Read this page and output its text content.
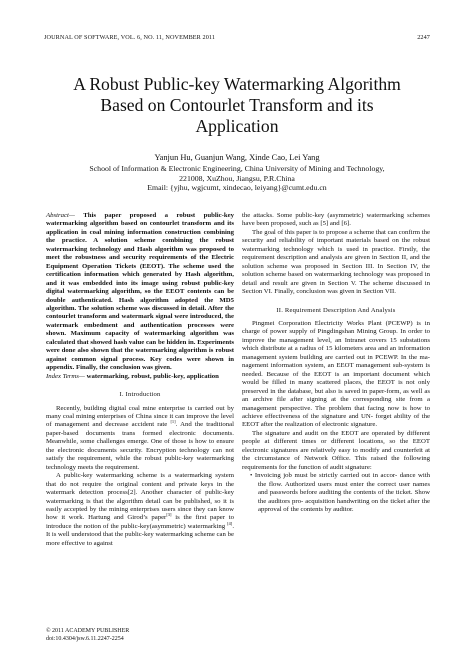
JOURNAL OF SOFTWARE, VOL. 6, NO. 11, NOVEMBER 2011	2247
A Robust Public-key Watermarking Algorithm
Based on Contourlet Transform and its
Application
Yanjun Hu, Guanjun Wang, Xinde Cao, Lei Yang
School of Information & Electronic Engineering, China University of Mining and Technology,
221008, XuZhou, Jiangsu, P.R.China
Email: {yjhu, wgjcumt, xindecao, leiyang}@cumt.edu.cn

Abstract— This paper proposed a robust public-key watermarking algorithm based on contourlet transform and its application in coal mining information construction combining the practice. A solution scheme combining the robust watermarking technology and Hash algorithm was proposed to meet the robustness and security requirements of the Electric Equipment Operation Tickets (EEOT). The scheme used the certification information which generated by Hash algorithm, and it was embedded into its image using robust public-key digital watermarking algorithm, so the EEOT contents can be double authenticated. Hash algorithm adopted the MD5 algorithm. The solution scheme was discussed in detail. After the contourlet transform and watermark signal were introduced, the watermark embedment and authentication processes were shown. Maximum capacity of watermarking algorithm was calculated that showed hash value can be hidden in. Experiments were done also shown that the watermarking algorithm is robust against common signal process. Key codes were shown in appendix. Finally, the conclusion was given.

Index Terms— watermarking, robust, public-key, application

I. Introduction

Recently, building digital coal mine enterprise is carried out by many coal mining enterprises of China since it can improve the level of management and decrease accident rate [1]. And the traditional paper-based documents trans formed electronic documents. Meanwhile, some challenges emerge. One of those is how to ensure the electronic documents security. Encryption technology can not satisfy the requirement, while the robust public-key watermarking technology meets the requirement.

A public-key watermarking scheme is a watermarking system that do not require the original content and private keys in the watermark detection process[2]. Another character of public-key watermarking is that the algorithm detail can be published, so it is easily accepted by the mining enterprises users since they can know how it work. Hartung and Girod’s paper[3] is the first paper to introduce the notion of the public-key(asymmetric) watermarking [4]. It is well understood that the public-key watermarking scheme can be more effective to against

the attacks. Some public-key (asymmetric) watermarking schemes have been proposed, such as [5] and [6].

The goal of this paper is to propose a scheme that can confirm the security and reliability of important materials based on the robust watermarking technology which is used in practice. Firstly, the requirement description and analysis are given in Section II, and the solution scheme was proposed in Section III. In Section IV, the solution scheme based on watermarking technology was proposed in detail and result are given in Section V. The scheme discussed in Section VI. Finally, conclusion was given in Section VII.

II. Requirement Description And Analysis

Pingmei Corporation Electricity Works Plant (PCEWP) is in charge of power supply of Pingdingshan Mining Group. In order to improve the management level, an Intranet covers 15 substations which distribute at a radius of 15 kilometers area and an information management system building are carried out in PCEWP. In the ma- nagement information system, an EEOT management sub-system is needed. Because of the EEOT is an important document which would be filled in many scattered places, the EEOT is not only preserved in the database, but also is saved in paper-form, as well as an archive file after signing at the corresponding site from a management perspective. The problem that facing now is how to achieve effectiveness of the signature and UN- forget ability of the EEOT after the realization of electronic signature.

The signature and audit on the EEOT are operated by different people at different times or different locations, so the EEOT electronic signatures are relatively easy to modify and counterfeit at the circumstance of Network Office. This raised the following requirements for the function of audit signature:

• Invoicing job must be strictly carried out in accor- dance with the flow. Authorized users must enter the correct user names and passwords before auditing the contents of the ticket. Show the auditors pro- acquisition handwriting on the ticket after the approval of the contents by auditor.

© 2011 ACADEMY PUBLISHER
doi:10.4304/jsw.6.11.2247-2254
